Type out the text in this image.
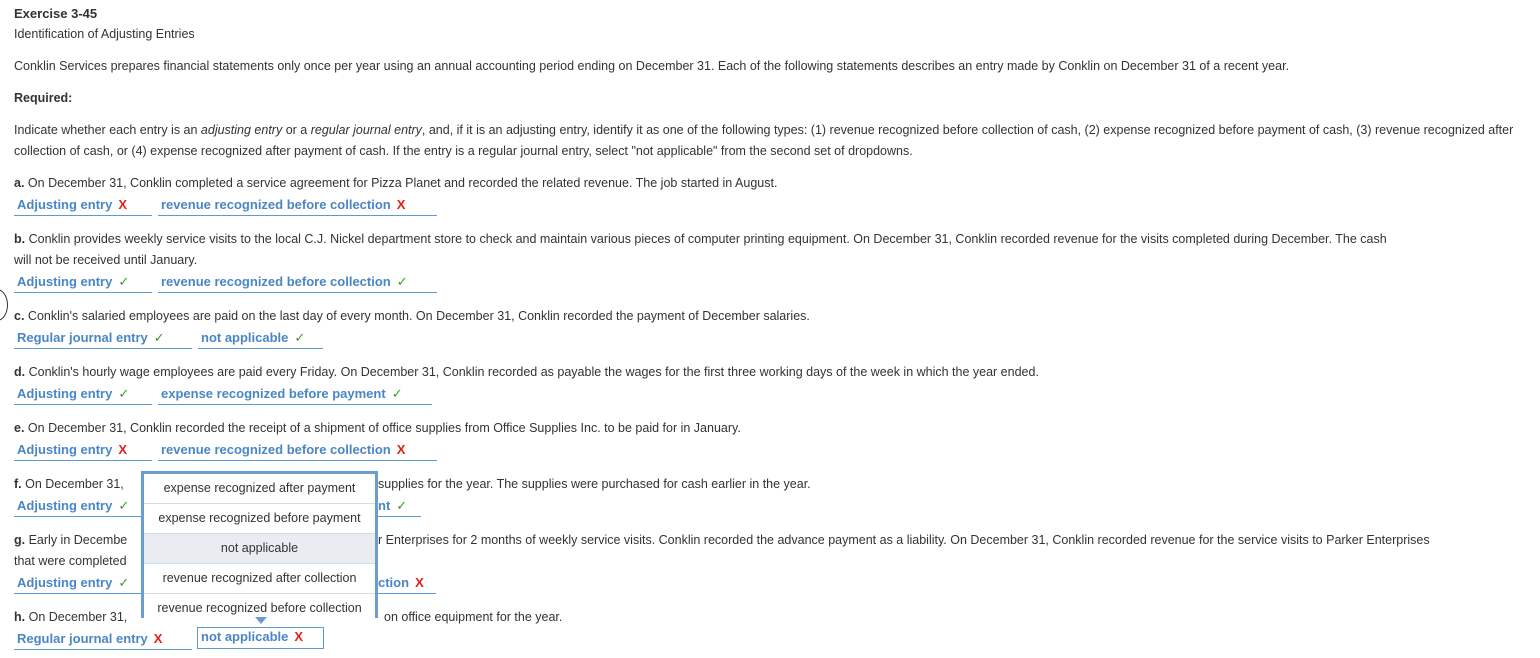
Exercise 3-45
Identification of Adjusting Entries
Conklin Services prepares financial statements only once per year using an annual accounting period ending on December 31. Each of the following statements describes an entry made by Conklin on December 31 of a recent year.
Required:
Indicate whether each entry is an adjusting entry or a regular journal entry, and, if it is an adjusting entry, identify it as one of the following types: (1) revenue recognized before collection of cash, (2) expense recognized before payment of cash, (3) revenue recognized after collection of cash, or (4) expense recognized after payment of cash. If the entry is a regular journal entry, select "not applicable" from the second set of dropdowns.
a. On December 31, Conklin completed a service agreement for Pizza Planet and recorded the related revenue. The job started in August.
Adjusting entry X	revenue recognized before collection X
b. Conklin provides weekly service visits to the local C.J. Nickel department store to check and maintain various pieces of computer printing equipment. On December 31, Conklin recorded revenue for the visits completed during December. The cash
will not be received until January.
Adjusting entry ✓	revenue recognized before collection ✓
c. Conklin's salaried employees are paid on the last day of every month. On December 31, Conklin recorded the payment of December salaries.
Regular journal entry ✓	not applicable ✓
d. Conklin's hourly wage employees are paid every Friday. On December 31, Conklin recorded as payable the wages for the first three working days of the week in which the year ended.
Adjusting entry ✓	expense recognized before payment ✓
e. On December 31, Conklin recorded the receipt of a shipment of office supplies from Office Supplies Inc. to be paid for in January.
Adjusting entry X	revenue recognized before collection X
f. On December 31,	supplies for the year. The supplies were purchased for cash earlier in the year.
Adjusting entry ✓	nt ✓
g. Early in Decembe	r Enterprises for 2 months of weekly service visits. Conklin recorded the advance payment as a liability. On December 31, Conklin recorded revenue for the service visits to Parker Enterprises
that were completed
Adjusting entry ✓	ction X
h. On December 31,	on office equipment for the year.
Regular journal entry X	not applicable X
expense recognized after payment
expense recognized before payment
not applicable
revenue recognized after collection
revenue recognized before collection
